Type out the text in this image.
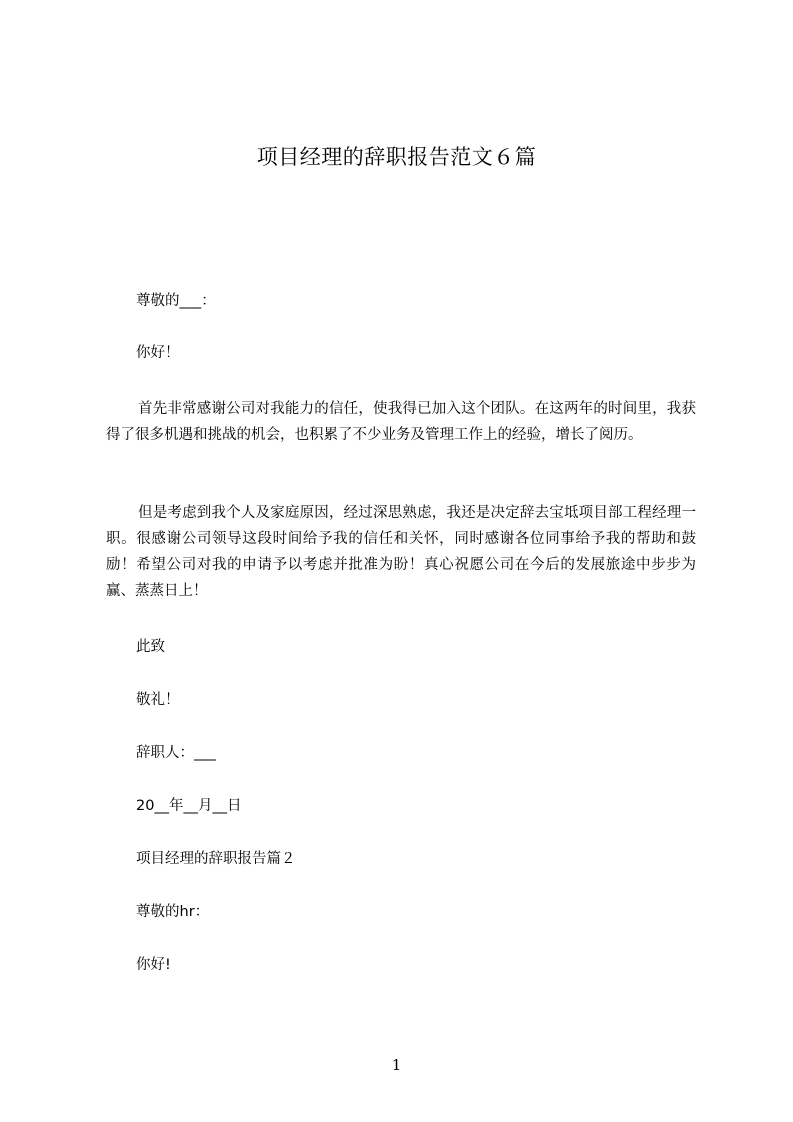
项目经理的辞职报告范文６篇
尊敬的___：
你好！

首先非常感谢公司对我能力的信任，使我得已加入这个团队。在这两年的时间里，我获得了很多机遇和挑战的机会，也积累了不少业务及管理工作上的经验，增长了阅历。

但是考虑到我个人及家庭原因，经过深思熟虑，我还是决定辞去宝坻项目部工程经理一职。很感谢公司领导这段时间给予我的信任和关怀，同时感谢各位同事给予我的帮助和鼓励！希望公司对我的申请予以考虑并批准为盼！真心祝愿公司在今后的发展旅途中步步为赢、蒸蒸日上！

此致
敬礼！
辞职人：___
20__年__月__日
项目经理的辞职报告篇２
尊敬的hr：
你好!
1
